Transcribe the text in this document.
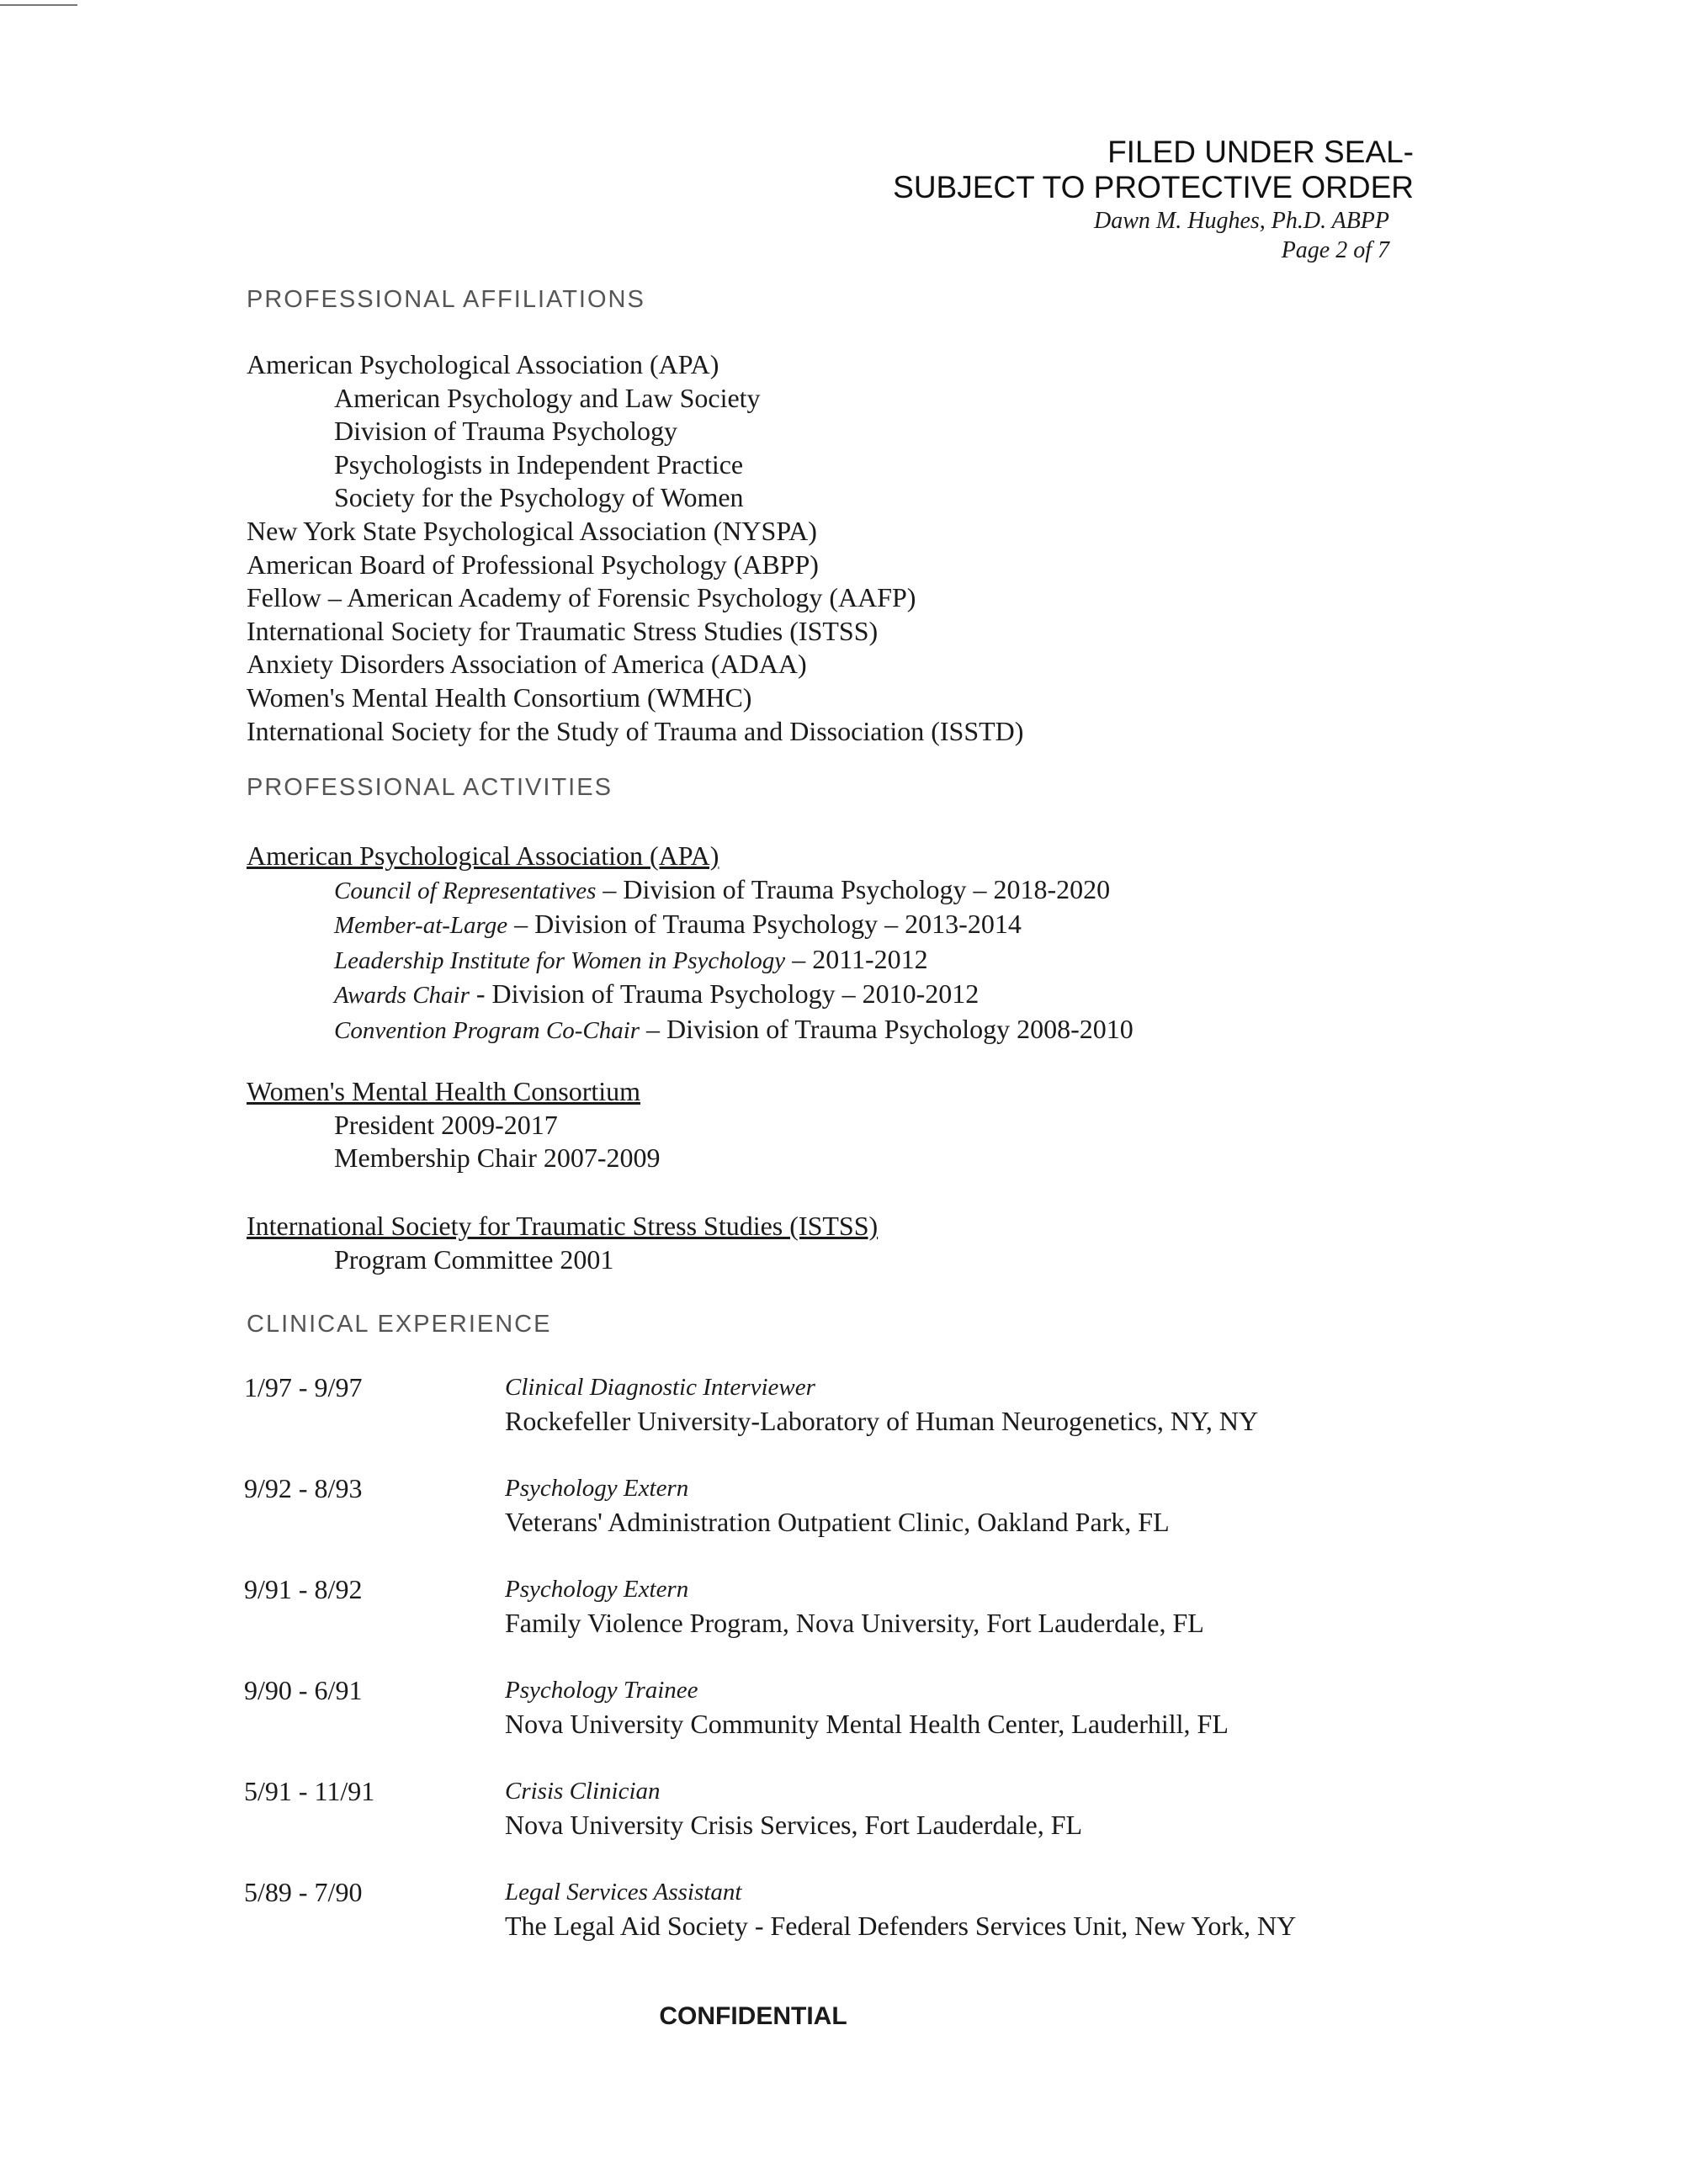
FILED UNDER SEAL-
SUBJECT TO PROTECTIVE ORDER
Dawn M. Hughes, Ph.D. ABPP
Page 2 of 7
PROFESSIONAL AFFILIATIONS
American Psychological Association (APA)
American Psychology and Law Society
Division of Trauma Psychology
Psychologists in Independent Practice
Society for the Psychology of Women
New York State Psychological Association (NYSPA)
American Board of Professional Psychology (ABPP)
Fellow – American Academy of Forensic Psychology (AAFP)
International Society for Traumatic Stress Studies (ISTSS)
Anxiety Disorders Association of America (ADAA)
Women's Mental Health Consortium (WMHC)
International Society for the Study of Trauma and Dissociation (ISSTD)
PROFESSIONAL ACTIVITIES
American Psychological Association (APA)
Council of Representatives – Division of Trauma Psychology – 2018-2020
Member-at-Large – Division of Trauma Psychology – 2013-2014
Leadership Institute for Women in Psychology – 2011-2012
Awards Chair - Division of Trauma Psychology – 2010-2012
Convention Program Co-Chair – Division of Trauma Psychology 2008-2010
Women's Mental Health Consortium
President 2009-2017
Membership Chair 2007-2009
International Society for Traumatic Stress Studies (ISTSS)
Program Committee 2001
CLINICAL EXPERIENCE
1/97 - 9/97	Clinical Diagnostic Interviewer
Rockefeller University-Laboratory of Human Neurogenetics, NY, NY
9/92 - 8/93	Psychology Extern
Veterans' Administration Outpatient Clinic, Oakland Park, FL
9/91 - 8/92	Psychology Extern
Family Violence Program, Nova University, Fort Lauderdale, FL
9/90 - 6/91	Psychology Trainee
Nova University Community Mental Health Center, Lauderhill, FL
5/91 - 11/91	Crisis Clinician
Nova University Crisis Services, Fort Lauderdale, FL
5/89 - 7/90	Legal Services Assistant
The Legal Aid Society - Federal Defenders Services Unit, New York, NY
CONFIDENTIAL
